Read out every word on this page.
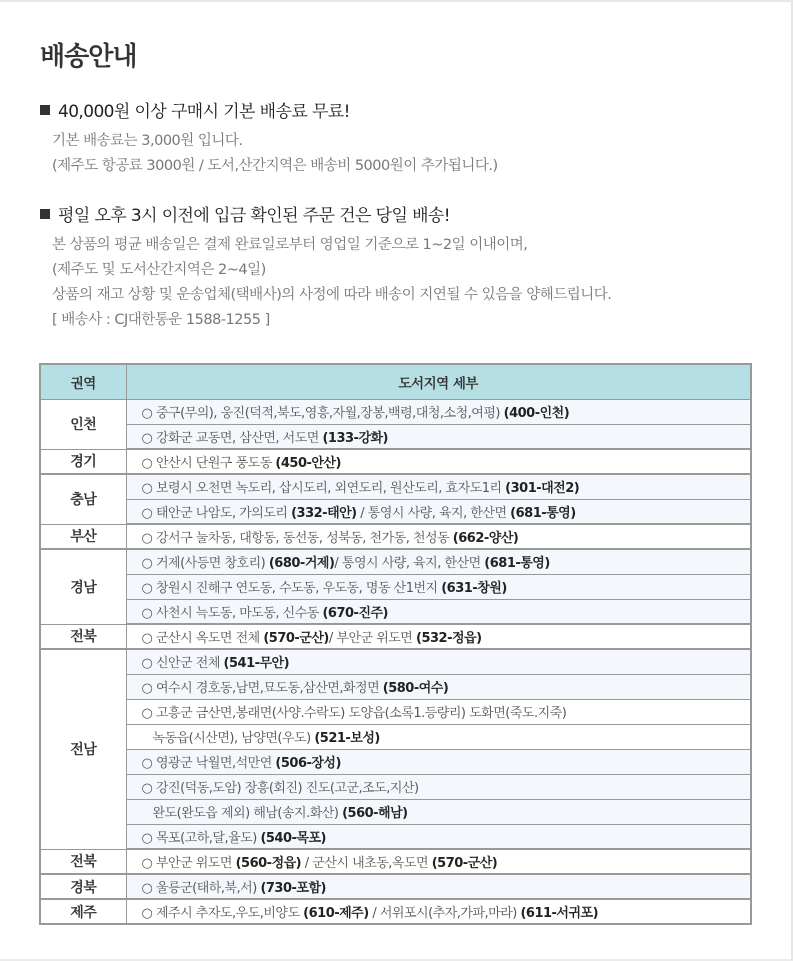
배송안내
40,000원 이상 구매시 기본 배송료 무료!

기본 배송료는 3,000원 입니다.

(제주도 항공료 3000원 / 도서,산간지역은 배송비 5000원이 추가됩니다.)

평일 오후 3시 이전에 입금 확인된 주문 건은 당일 배송!

본 상품의 평균 배송일은 결제 완료일로부터 영업일 기준으로 1~2일 이내이며,

(제주도 및 도서산간지역은 2~4일)

상품의 재고 상황 및 운송업체(택배사)의 사정에 따라 배송이 지연될 수 있음을 양해드립니다.

[ 배송사 : CJ대한통운 1588-1255 ]

권역	도서지역 세부
인천	○ 중구(무의), 웅진(덕적,북도,영흥,자월,장봉,백령,대청,소청,여평) (400-인천)
	○ 강화군 교동면, 삼산면, 서도면 (133-강화)
경기	○ 안산시 단원구 풍도동 (450-안산)
충남	○ 보령시 오천면 녹도리, 삽시도리, 외연도리, 원산도리, 효자도1리 (301-대전2)
	○ 태안군 나암도, 가의도리 (332-태안) / 통영시 사량, 육지, 한산면 (681-통영)
부산	○ 강서구 눌차동, 대항동, 동선동, 성북동, 천가동, 천성동 (662-양산)
경남	○ 거제(사등면 창호리) (680-거제)/ 통영시 사량, 육지, 한산면 (681-통영)
	○ 창원시 진해구 연도동, 수도동, 우도동, 명동 산1번지 (631-창원)
	○ 사천시 늑도동, 마도동, 신수동 (670-진주)
전북	○ 군산시 옥도면 전체 (570-군산)/ 부안군 위도면 (532-정읍)
전남	○ 신안군 전체 (541-무안)
	○ 여수시 경호동,남면,묘도동,삼산면,화정면 (580-여수)
	○ 고흥군 금산면,봉래면(사양.수락도) 도양읍(소록1.등량리) 도화면(죽도.지죽)
	녹동읍(시산면), 남양면(우도) (521-보성)
	○ 영광군 낙월면,석만연 (506-장성)
	○ 강진(덕동,도암) 장흥(회진) 진도(고군,조도,지산)
	완도(완도읍 제외) 해남(송지.화산) (560-해남)
	○ 목포(고하,달,율도) (540-목포)
전북	○ 부안군 위도면 (560-정읍) / 군산시 내초동,옥도면 (570-군산)
경북	○ 울릉군(태하,북,서) (730-포함)
제주	○ 제주시 추자도,우도,비양도 (610-제주) / 서위포시(추자,가파,마라) (611-서귀포)
